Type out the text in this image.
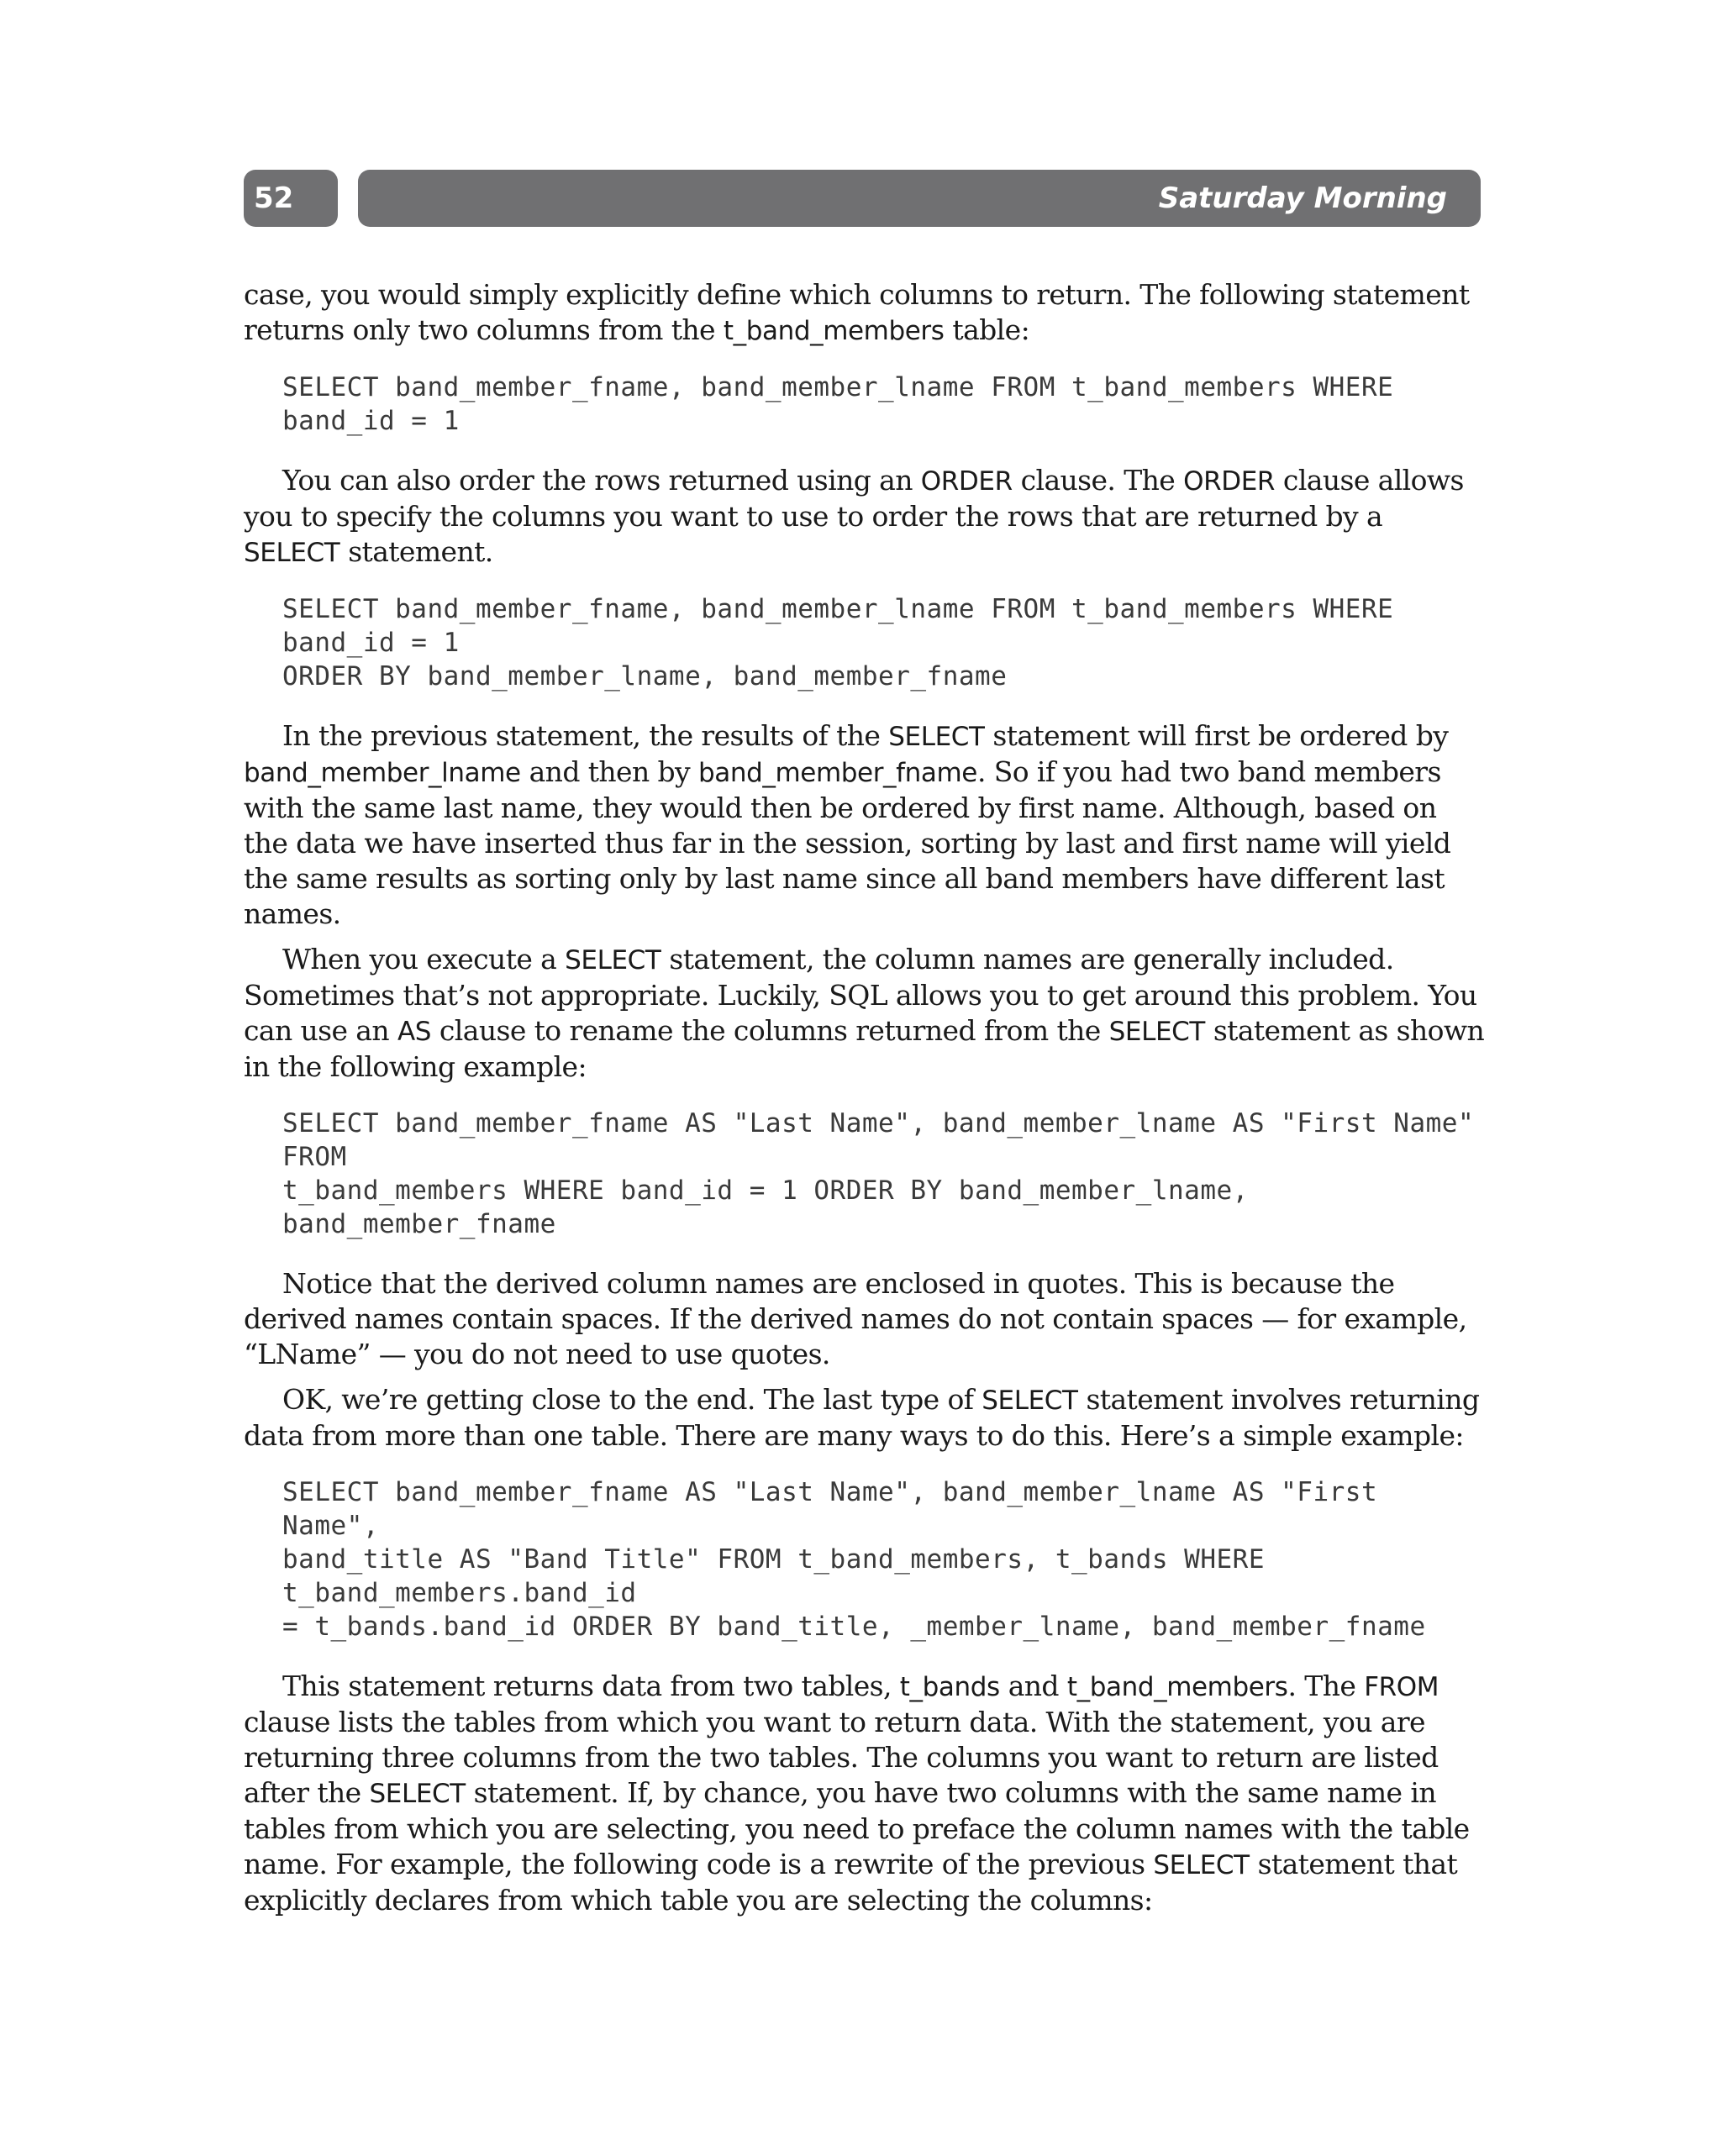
52	Saturday Morning

case, you would simply explicitly define which columns to return. The following statement returns only two columns from the t_band_members table:

SELECT band_member_fname, band_member_lname FROM t_band_members WHERE
band_id = 1

You can also order the rows returned using an ORDER clause. The ORDER clause allows you to specify the columns you want to use to order the rows that are returned by a SELECT statement.

SELECT band_member_fname, band_member_lname FROM t_band_members WHERE
band_id = 1
ORDER BY band_member_lname, band_member_fname

In the previous statement, the results of the SELECT statement will first be ordered by band_member_lname and then by band_member_fname. So if you had two band members with the same last name, they would then be ordered by first name. Although, based on the data we have inserted thus far in the session, sorting by last and first name will yield the same results as sorting only by last name since all band members have different last names.

When you execute a SELECT statement, the column names are generally included. Sometimes that’s not appropriate. Luckily, SQL allows you to get around this problem. You can use an AS clause to rename the columns returned from the SELECT statement as shown in the following example:

SELECT band_member_fname AS "Last Name", band_member_lname AS "First Name"
FROM
t_band_members WHERE band_id = 1 ORDER BY band_member_lname,
band_member_fname

Notice that the derived column names are enclosed in quotes. This is because the derived names contain spaces. If the derived names do not contain spaces — for example, “LName” — you do not need to use quotes.

OK, we’re getting close to the end. The last type of SELECT statement involves returning data from more than one table. There are many ways to do this. Here’s a simple example:

SELECT band_member_fname AS "Last Name", band_member_lname AS "First
Name",
band_title AS "Band Title" FROM t_band_members, t_bands WHERE
t_band_members.band_id
= t_bands.band_id ORDER BY band_title, _member_lname, band_member_fname

This statement returns data from two tables, t_bands and t_band_members. The FROM clause lists the tables from which you want to return data. With the statement, you are returning three columns from the two tables. The columns you want to return are listed after the SELECT statement. If, by chance, you have two columns with the same name in tables from which you are selecting, you need to preface the column names with the table name. For example, the following code is a rewrite of the previous SELECT statement that explicitly declares from which table you are selecting the columns:
